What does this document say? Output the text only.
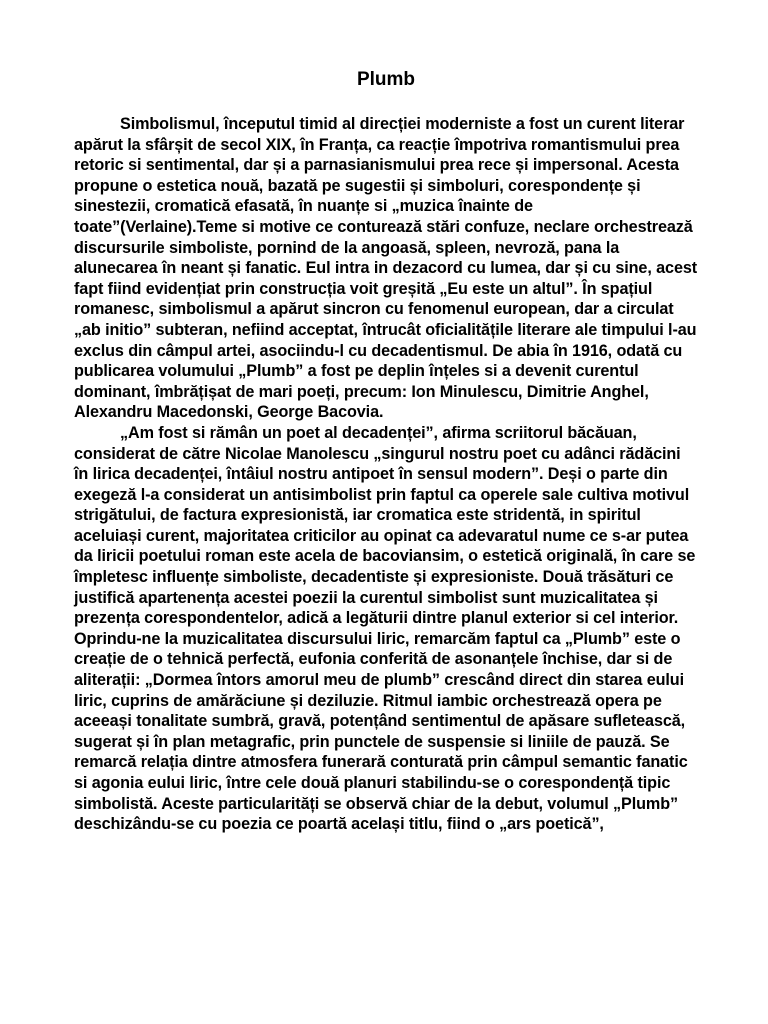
Plumb

Simbolismul, începutul timid al direcției moderniste a fost un curent literar apărut la sfârșit de secol XIX, în Franța, ca reacție împotriva romantismului prea retoric si sentimental, dar și a parnasianismului prea rece și impersonal. Acesta propune o estetica nouă, bazată pe sugestii și simboluri, corespondențe și sinestezii, cromatică efasată, în nuanțe si „muzica înainte de toate”(Verlaine).Teme si motive ce conturează stări confuze, neclare orchestrează discursurile simboliste, pornind de la angoasă, spleen, nevroză, pana la alunecarea în neant și fanatic. Eul intra in dezacord cu lumea, dar și cu sine, acest fapt fiind evidențiat prin construcția voit greșită „Eu este un altul”. În spațiul romanesc, simbolismul a apărut sincron cu fenomenul european, dar a circulat „ab initio” subteran, nefiind acceptat, întrucât oficialitățile literare ale timpului l-au exclus din câmpul artei, asociindu-l cu decadentismul. De abia în 1916, odată cu publicarea volumului „Plumb” a fost pe deplin înțeles si a devenit curentul dominant, îmbrățișat de mari poeți, precum: Ion Minulescu, Dimitrie Anghel, Alexandru Macedonski, George Bacovia.

„Am fost si rămân un poet al decadenței”, afirma scriitorul băcăuan, considerat de către Nicolae Manolescu „singurul nostru poet cu adânci rădăcini în lirica decadenței, întâiul nostru antipoet în sensul modern”. Deși o parte din exegeză l-a considerat un antisimbolist prin faptul ca operele sale cultiva motivul strigătului, de factura expresionistă, iar cromatica este stridentă, in spiritul aceluiași curent, majoritatea criticilor au opinat ca adevaratul nume ce s-ar putea da liricii poetului roman este acela de bacoviansim, o estetică originală, în care se împletesc influențe simboliste, decadentiste și expresioniste. Două trăsături ce justifică apartenența acestei poezii la curentul simbolist sunt muzicalitatea și prezența corespondentelor, adică a legăturii dintre planul exterior si cel interior. Oprindu-ne la muzicalitatea discursului liric, remarcăm faptul ca „Plumb” este o creație de o tehnică perfectă, eufonia conferită de asonanțele închise, dar si de aliterații: „Dormea întors amorul meu de plumb” crescând direct din starea eului liric, cuprins de amărăciune și deziluzie. Ritmul iambic orchestrează opera pe aceeași tonalitate sumbră, gravă, potențând sentimentul de apăsare sufletească, sugerat și în plan metagrafic, prin punctele de suspensie si liniile de pauză. Se remarcă relația dintre atmosfera funerară conturată prin câmpul semantic fanatic si agonia eului liric, între cele două planuri stabilindu-se o corespondență tipic simbolistă. Aceste particularități se observă chiar de la debut, volumul „Plumb” deschizându-se cu poezia ce poartă același titlu, fiind o „ars poetică”,
